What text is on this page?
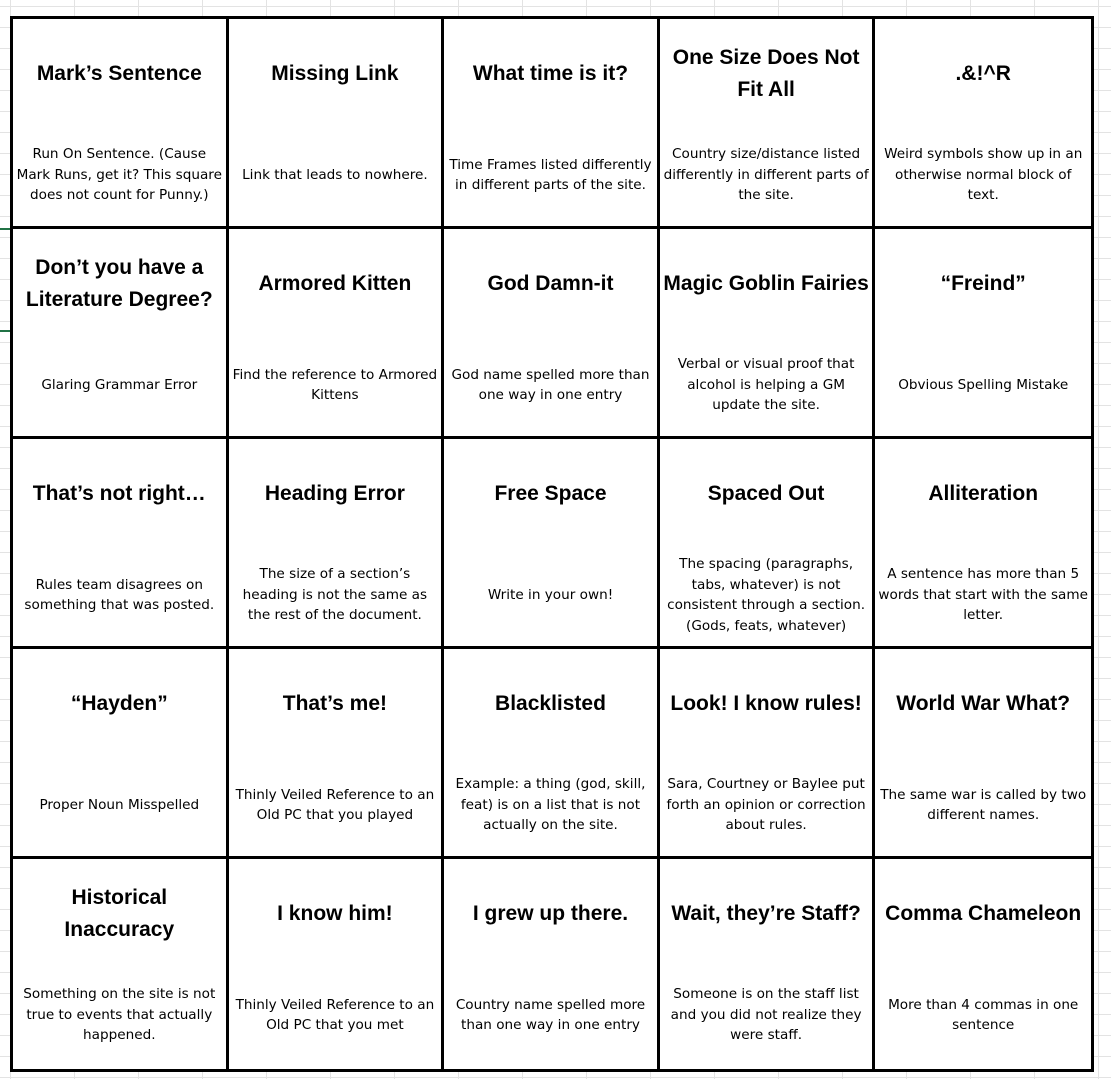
Mark’s Sentence
Run On Sentence. (Cause Mark Runs, get it? This square does not count for Punny.)
Missing Link
Link that leads to nowhere.
What time is it?
Time Frames listed differently in different parts of the site.
One Size Does Not Fit All
Country size/distance listed differently in different parts of the site.
.&!^R
Weird symbols show up in an otherwise normal block of text.
Don’t you have a Literature Degree?
Glaring Grammar Error
Armored Kitten
Find the reference to Armored Kittens
God Damn-it
God name spelled more than one way in one entry
Magic Goblin Fairies
Verbal or visual proof that alcohol is helping a GM update the site.
“Freind”
Obvious Spelling Mistake
That’s not right…
Rules team disagrees on something that was posted.
Heading Error
The size of a section’s heading is not the same as the rest of the document.
Free Space
Write in your own!
Spaced Out
The spacing (paragraphs, tabs, whatever) is not consistent through a section. (Gods, feats, whatever)
Alliteration
A sentence has more than 5 words that start with the same letter.
“Hayden”
Proper Noun Misspelled
That’s me!
Thinly Veiled Reference to an Old PC that you played
Blacklisted
Example: a thing (god, skill, feat) is on a list that is not actually on the site.
Look! I know rules!
Sara, Courtney or Baylee put forth an opinion or correction about rules.
World War What?
The same war is called by two different names.
Historical Inaccuracy
Something on the site is not true to events that actually happened.
I know him!
Thinly Veiled Reference to an Old PC that you met
I grew up there.
Country name spelled more than one way in one entry
Wait, they’re Staff?
Someone is on the staff list and you did not realize they were staff.
Comma Chameleon
More than 4 commas in one sentence
